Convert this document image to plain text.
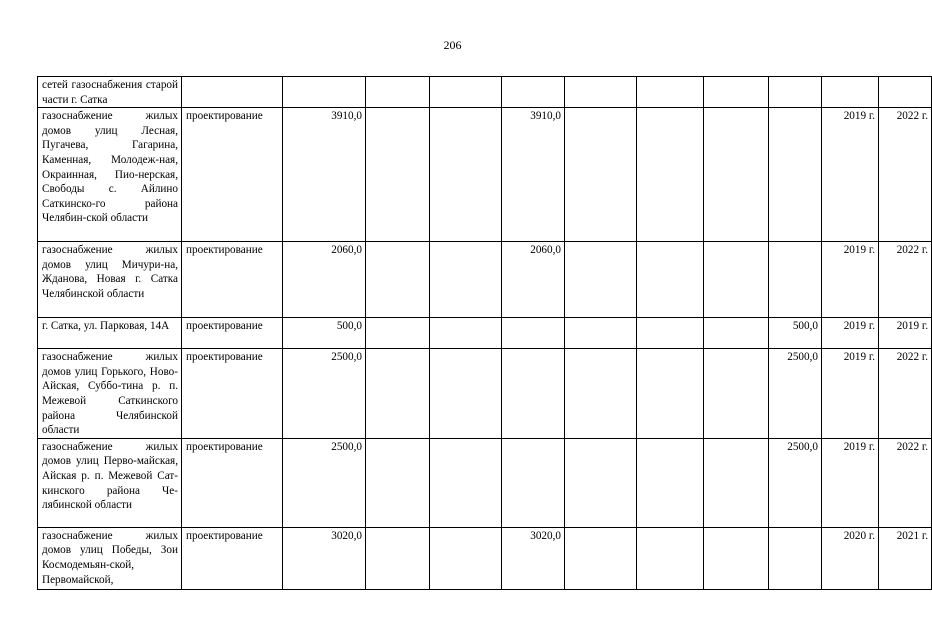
206
сетей газоснабжения старой части г. Сатка											
газоснабжение жилых домов улиц Лесная, Пугачева, Гагарина, Каменная, Молодеж-ная, Окраинная, Пио-нерская, Свободы с. Айлино Саткинско-го района Челябин-ской области	проектирование	3910,0			3910,0					2019 г.	2022 г.
газоснабжение жилых домов улиц Мичури-на, Жданова, Новая г. Сатка Челябинской области	проектирование	2060,0			2060,0					2019 г.	2022 г.
г. Сатка, ул. Парковая, 14А	проектирование	500,0							500,0	2019 г.	2019 г.
газоснабжение жилых домов улиц Горького, Ново-Айская, Суббо-тина р. п. Межевой Саткинского района Челябинской области	проектирование	2500,0							2500,0	2019 г.	2022 г.
газоснабжение жилых домов улиц Перво-майская, Айская р. п. Межевой Сат-кинского района Че-лябинской области	проектирование	2500,0							2500,0	2019 г.	2022 г.
газоснабжение жилых домов улиц Победы, Зои Космодемьян-ской, Первомайской,	проектирование	3020,0			3020,0					2020 г.	2021 г.
